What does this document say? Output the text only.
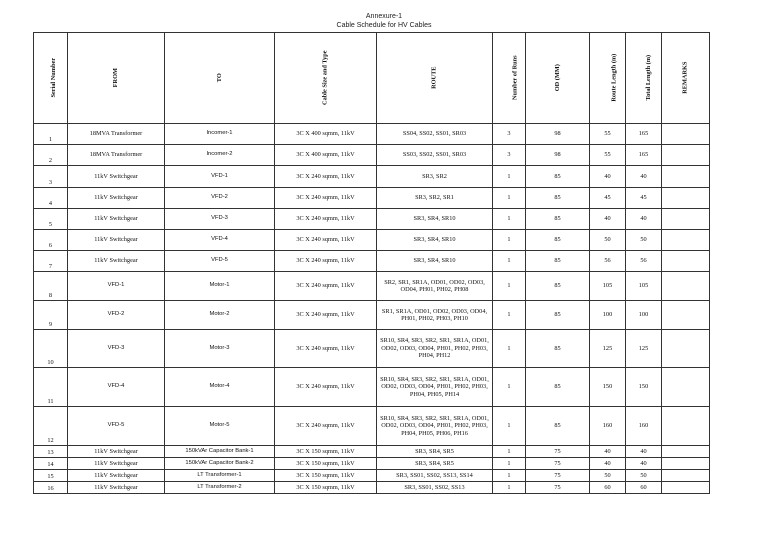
Annexure-1
Cable Schedule for HV Cables
Serial Number	FROM	TO	Cable Size and Type	ROUTE	Number of Runs	OD (MM)	Route Length (m)	Total Length (m)	REMARKS
1	18MVA Transformer	Incomer-1	3C X 400 sqmm, 11kV	SS04, SS02, SS01, SR03	3	98	55	165	
2	18MVA Transformer	Incomer-2	3C X 400 sqmm, 11kV	SS03, SS02, SS01, SR03	3	98	55	165	
3	11kV Switchgear	VFD-1	3C X 240 sqmm, 11kV	SR3, SR2	1	85	40	40	
4	11kV Switchgear	VFD-2	3C X 240 sqmm, 11kV	SR3, SR2, SR1	1	85	45	45	
5	11kV Switchgear	VFD-3	3C X 240 sqmm, 11kV	SR3, SR4, SR10	1	85	40	40	
6	11kV Switchgear	VFD-4	3C X 240 sqmm, 11kV	SR3, SR4, SR10	1	85	50	50	
7	11kV Switchgear	VFD-5	3C X 240 sqmm, 11kV	SR3, SR4, SR10	1	85	56	56	
8	VFD-1	Motor-1	3C X 240 sqmm, 11kV	SR2, SR1, SR1A, OD01, OD02, OD03, OD04, PH01, PH02, PH08	1	85	105	105	
9	VFD-2	Motor-2	3C X 240 sqmm, 11kV	SR1, SR1A, OD01, OD02, OD03, OD04, PH01, PH02, PH03, PH10	1	85	100	100	
10	VFD-3	Motor-3	3C X 240 sqmm, 11kV	SR10, SR4, SR3, SR2, SR1, SR1A, OD01, OD02, OD03, OD04, PH01, PH02, PH03, PH04, PH12	1	85	125	125	
11	VFD-4	Motor-4	3C X 240 sqmm, 11kV	SR10, SR4, SR3, SR2, SR1, SR1A, OD01, OD02, OD03, OD04, PH01, PH02, PH03, PH04, PH05, PH14	1	85	150	150	
12	VFD-5	Motor-5	3C X 240 sqmm, 11kV	SR10, SR4, SR3, SR2, SR1, SR1A, OD01, OD02, OD03, OD04, PH01, PH02, PH03, PH04, PH05, PH06, PH16	1	85	160	160	
13	11kV Switchgear	150kVAr Capacitor Bank-1	3C X 150 sqmm, 11kV	SR3, SR4, SR5	1	75	40	40	
14	11kV Switchgear	150kVAr Capacitor Bank-2	3C X 150 sqmm, 11kV	SR3, SR4, SR5	1	75	40	40	
15	11kV Switchgear	LT Transformer-1	3C X 150 sqmm, 11kV	SR3, SS01, SS02, SS13, SS14	1	75	50	50	
16	11kV Switchgear	LT Transformer-2	3C X 150 sqmm, 11kV	SR3, SS01, SS02, SS13	1	75	60	60	
